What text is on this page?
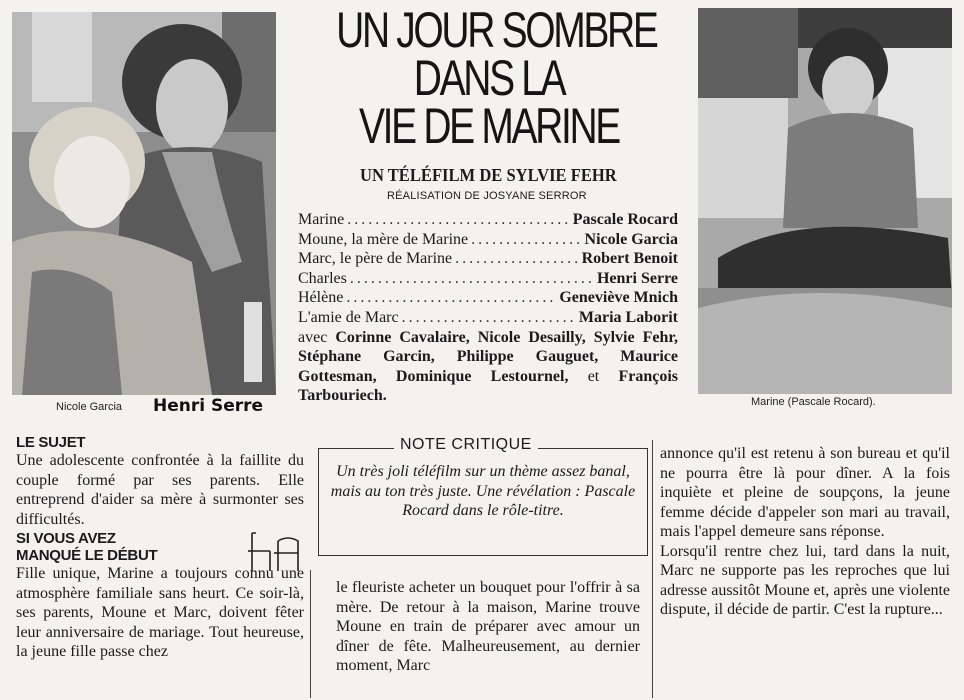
Nicole Garcia Henri Serre	Marine (Pascale Rocard).
UN JOUR SOMBRE
DANS LA
VIE DE MARINE
UN TÉLÉFILM DE SYLVIE FEHR
RÉALISATION DE JOSYANE SERROR
Marine .....	Pascale Rocard
Moune, la mère de Marine .....	Nicole Garcia
Marc, le père de Marine .....	Robert Benoit
Charles .....	Henri Serre
Hélène .....	Geneviève Mnich
L'amie de Marc .....	Maria Laborit
avec Corinne Cavalaire, Nicole Desailly, Sylvie Fehr, Stéphane Garcin, Philippe Gauguet, Maurice Gottesman, Dominique Lestournel, et François Tarbouriech.
LE SUJET

Une adolescente confrontée à la faillite du couple formé par ses parents. Elle entreprend d'aider sa mère à surmonter ses difficultés.

SI VOUS AVEZ
MANQUÉ LE DÉBUT

Fille unique, Marine a toujours connu une atmosphère familiale sans heurt. Ce soir-là, ses parents, Moune et Marc, doivent fêter leur anniversaire de mariage. Tout heureuse, la jeune fille passe chez

NOTE CRITIQUE
Un très joli téléfilm sur un thème assez banal, mais au ton très juste. Une révélation : Pascale Rocard dans le rôle-titre.

le fleuriste acheter un bouquet pour l'offrir à sa mère. De retour à la maison, Marine trouve Moune en train de préparer avec amour un dîner de fête. Malheureusement, au dernier moment, Marc

annonce qu'il est retenu à son bureau et qu'il ne pourra être là pour dîner. A la fois inquiète et pleine de soupçons, la jeune femme décide d'appeler son mari au travail, mais l'appel demeure sans réponse.

Lorsqu'il rentre chez lui, tard dans la nuit, Marc ne supporte pas les reproches que lui adresse aussitôt Moune et, après une violente dispute, il décide de partir. C'est la rupture...
